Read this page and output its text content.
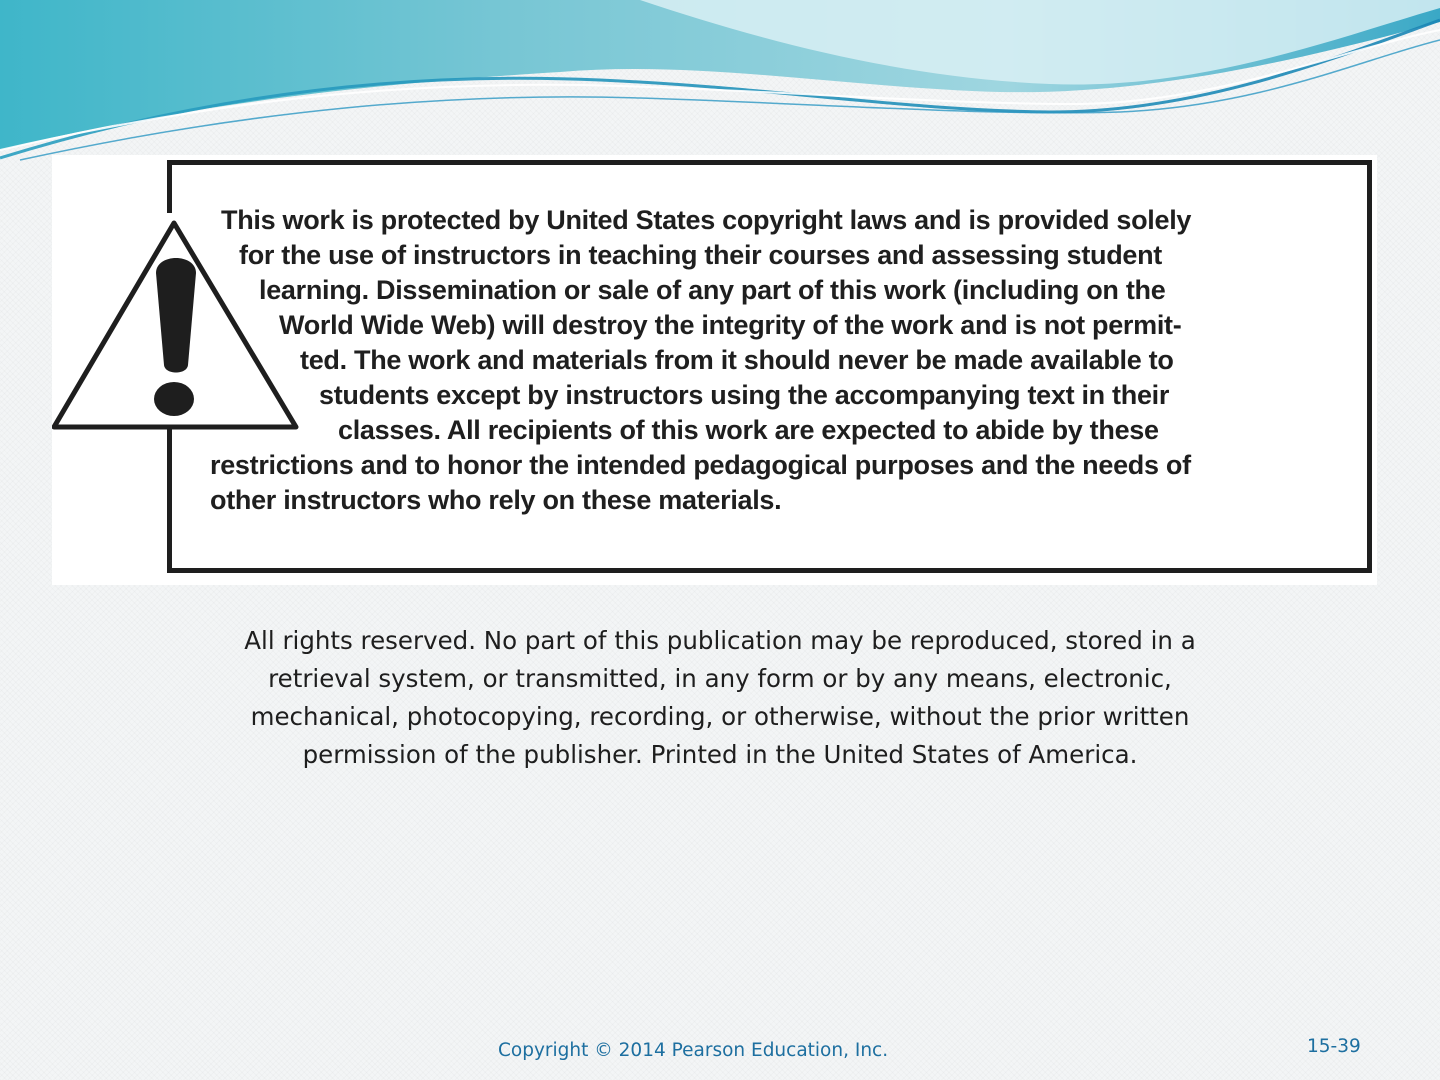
This work is protected by United States copyright laws and is provided solely
for the use of instructors in teaching their courses and assessing student
learning. Dissemination or sale of any part of this work (including on the
World Wide Web) will destroy the integrity of the work and is not permit-
ted. The work and materials from it should never be made available to
students except by instructors using the accompanying text in their
classes. All recipients of this work are expected to abide by these
restrictions and to honor the intended pedagogical purposes and the needs of
other instructors who rely on these materials.
All rights reserved. No part of this publication may be reproduced, stored in a
retrieval system, or transmitted, in any form or by any means, electronic,
mechanical, photocopying, recording, or otherwise, without the prior written
permission of the publisher. Printed in the United States of America.
Copyright © 2014 Pearson Education, Inc.	15-39
